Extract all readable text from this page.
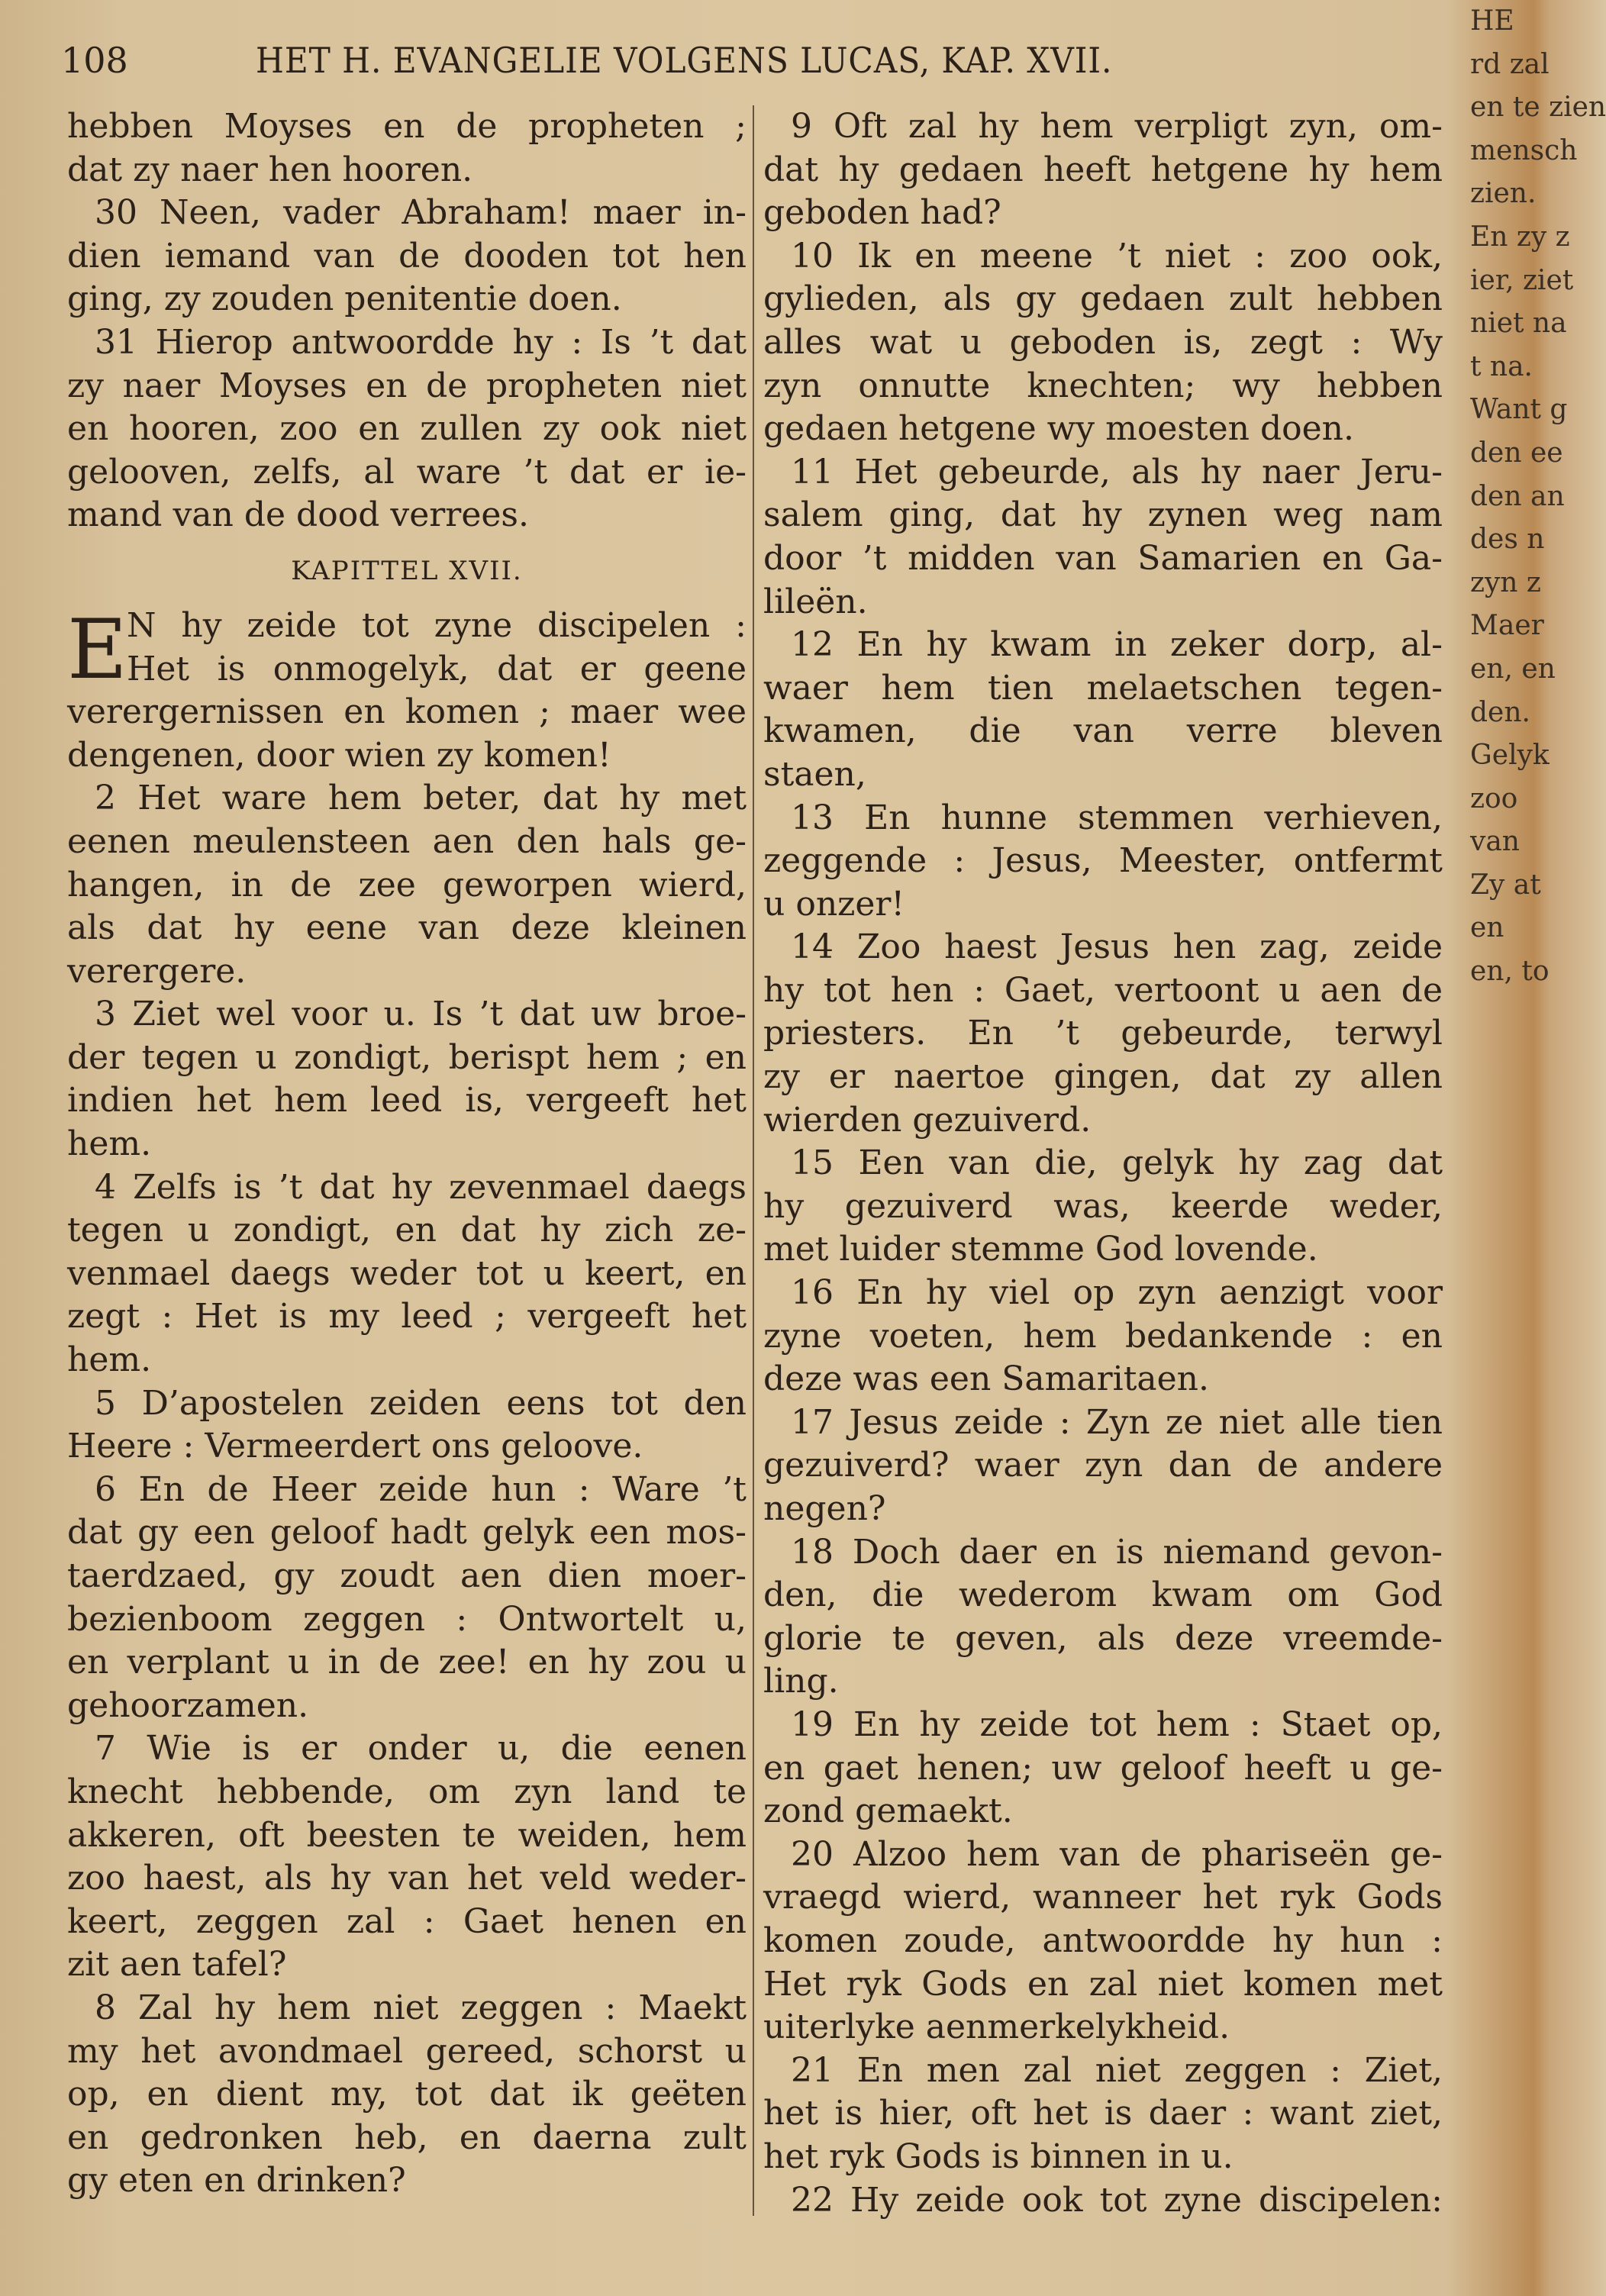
108	HET H. EVANGELIE VOLGENS LUCAS, KAP. XVII.
hebben Moyses en de propheten ;
dat zy naer hen hooren.
30 Neen, vader Abraham! maer in-
dien iemand van de dooden tot hen
ging, zy zouden penitentie doen.
31 Hierop antwoordde hy : Is ’t dat
zy naer Moyses en de propheten niet
en hooren, zoo en zullen zy ook niet
gelooven, zelfs, al ware ’t dat er ie-
mand van de dood verrees.
KAPITTEL XVII.
E N hy zeide tot zyne discipelen :
Het is onmogelyk, dat er geene
verergernissen en komen ; maer wee
dengenen, door wien zy komen!
2 Het ware hem beter, dat hy met
eenen meulensteen aen den hals ge-
hangen, in de zee geworpen wierd,
als dat hy eene van deze kleinen
verergere.
3 Ziet wel voor u. Is ’t dat uw broe-
der tegen u zondigt, berispt hem ; en
indien het hem leed is, vergeeft het
hem.
4 Zelfs is ’t dat hy zevenmael daegs
tegen u zondigt, en dat hy zich ze-
venmael daegs weder tot u keert, en
zegt : Het is my leed ; vergeeft het
hem.
5 D’apostelen zeiden eens tot den
Heere : Vermeerdert ons geloove.
6 En de Heer zeide hun : Ware ’t
dat gy een geloof hadt gelyk een mos-
taerdzaed, gy zoudt aen dien moer-
bezienboom zeggen : Ontwortelt u,
en verplant u in de zee! en hy zou u
gehoorzamen.
7 Wie is er onder u, die eenen
knecht hebbende, om zyn land te
akkeren, oft beesten te weiden, hem
zoo haest, als hy van het veld weder-
keert, zeggen zal : Gaet henen en
zit aen tafel?
8 Zal hy hem niet zeggen : Maekt
my het avondmael gereed, schorst u
op, en dient my, tot dat ik geëten
en gedronken heb, en daerna zult
gy eten en drinken?
9 Oft zal hy hem verpligt zyn, om-
dat hy gedaen heeft hetgene hy hem
geboden had?
10 Ik en meene ’t niet : zoo ook,
gylieden, als gy gedaen zult hebben
alles wat u geboden is, zegt : Wy
zyn onnutte knechten; wy hebben
gedaen hetgene wy moesten doen.
11 Het gebeurde, als hy naer Jeru-
salem ging, dat hy zynen weg nam
door ’t midden van Samarien en Ga-
lileën.
12 En hy kwam in zeker dorp, al-
waer hem tien melaetschen tegen-
kwamen, die van verre bleven
staen,
13 En hunne stemmen verhieven,
zeggende : Jesus, Meester, ontfermt
u onzer!
14 Zoo haest Jesus hen zag, zeide
hy tot hen : Gaet, vertoont u aen de
priesters. En ’t gebeurde, terwyl
zy er naertoe gingen, dat zy allen
wierden gezuiverd.
15 Een van die, gelyk hy zag dat
hy gezuiverd was, keerde weder,
met luider stemme God lovende.
16 En hy viel op zyn aenzigt voor
zyne voeten, hem bedankende : en
deze was een Samaritaen.
17 Jesus zeide : Zyn ze niet alle tien
gezuiverd? waer zyn dan de andere
negen?
18 Doch daer en is niemand gevon-
den, die wederom kwam om God
glorie te geven, als deze vreemde-
ling.
19 En hy zeide tot hem : Staet op,
en gaet henen; uw geloof heeft u ge-
zond gemaekt.
20 Alzoo hem van de phariseën ge-
vraegd wierd, wanneer het ryk Gods
komen zoude, antwoordde hy hun :
Het ryk Gods en zal niet komen met
uiterlyke aenmerkelykheid.
21 En men zal niet zeggen : Ziet,
het is hier, oft het is daer : want ziet,
het ryk Gods is binnen in u.
22 Hy zeide ook tot zyne discipelen:
HE
rd zal
en te zien
mensch
zien.
En zy z
ier, ziet
niet na
t na.
Want g
den ee
den an
des n
zyn z
Maer
en, en
den.
Gelyk
zoo
van
Zy at
en
en, to
